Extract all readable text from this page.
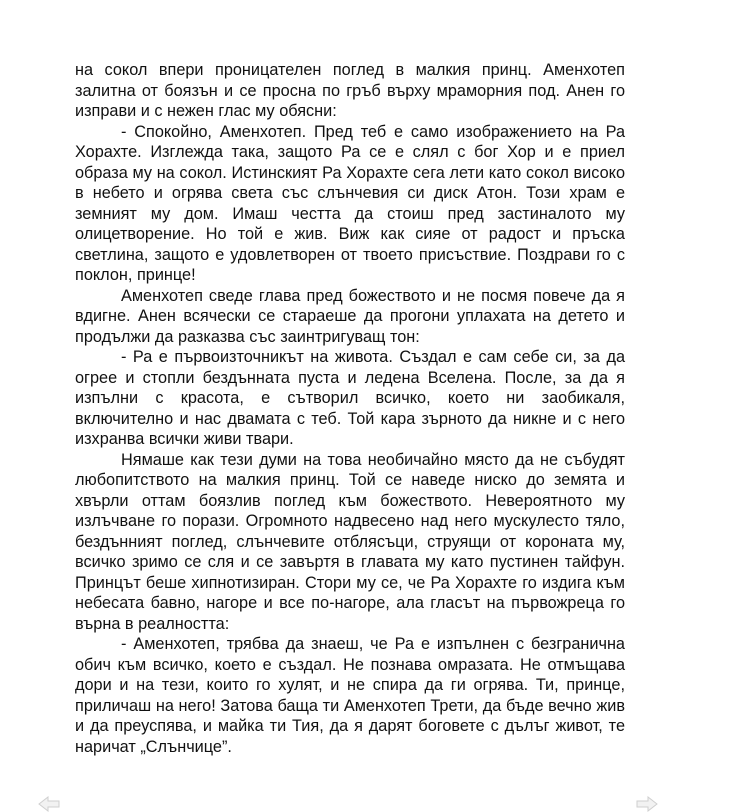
на сокол впери проницателен поглед в малкия принц. Аменхотеп залитна от боязън и се просна по гръб върху мраморния под. Анен го изправи и с нежен глас му обясни:

- Спокойно, Аменхотеп. Пред теб е само изображението на Ра Хорахте. Изглежда така, защото Ра се е слял с бог Хор и е приел образа му на сокол. Истинският Ра Хорахте сега лети като сокол високо в небето и огрява света със слънчевия си диск Атон. Този храм е земният му дом. Имаш честта да стоиш пред застиналото му олицетворение. Но той е жив. Виж как сияе от радост и пръска светлина, защото е удовлетворен от твоето присъствие. Поздрави го с поклон, принце!

Аменхотеп сведе глава пред божеството и не посмя повече да я вдигне. Анен всячески се стараеше да прогони уплахата на детето и продължи да разказва със заинтригуващ тон:

- Ра е първоизточникът на живота. Създал е сам себе си, за да огрее и стопли бездънната пуста и ледена Вселена. После, за да я изпълни с красота, е сътворил всичко, което ни заобикаля, включително и нас двамата с теб. Той кара зърното да никне и с него изхранва всички живи твари.

Нямаше как тези думи на това необичайно място да не събудят любопитството на малкия принц. Той се наведе ниско до земята и хвърли оттам боязлив поглед към божеството. Невероятното му излъчване го порази. Огромното надвесено над него мускулесто тяло, бездънният поглед, слънчевите отблясъци, струящи от короната му, всичко зримо се сля и се завъртя в главата му като пустинен тайфун. Принцът беше хипнотизиран. Стори му се, че Ра Хорахте го издига към небесата бавно, нагоре и все по-нагоре, ала гласът на първожреца го върна в реалността:

- Аменхотеп, трябва да знаеш, че Ра е изпълнен с безгранична обич към всичко, което е създал. Не познава омразата. Не отмъщава дори и на тези, които го хулят, и не спира да ги огрява. Ти, принце, приличаш на него! Затова баща ти Аменхотеп Трети, да бъде вечно жив и да преуспява, и майка ти Тия, да я дарят боговете с дълъг живот, те наричат „Слънчице”.
